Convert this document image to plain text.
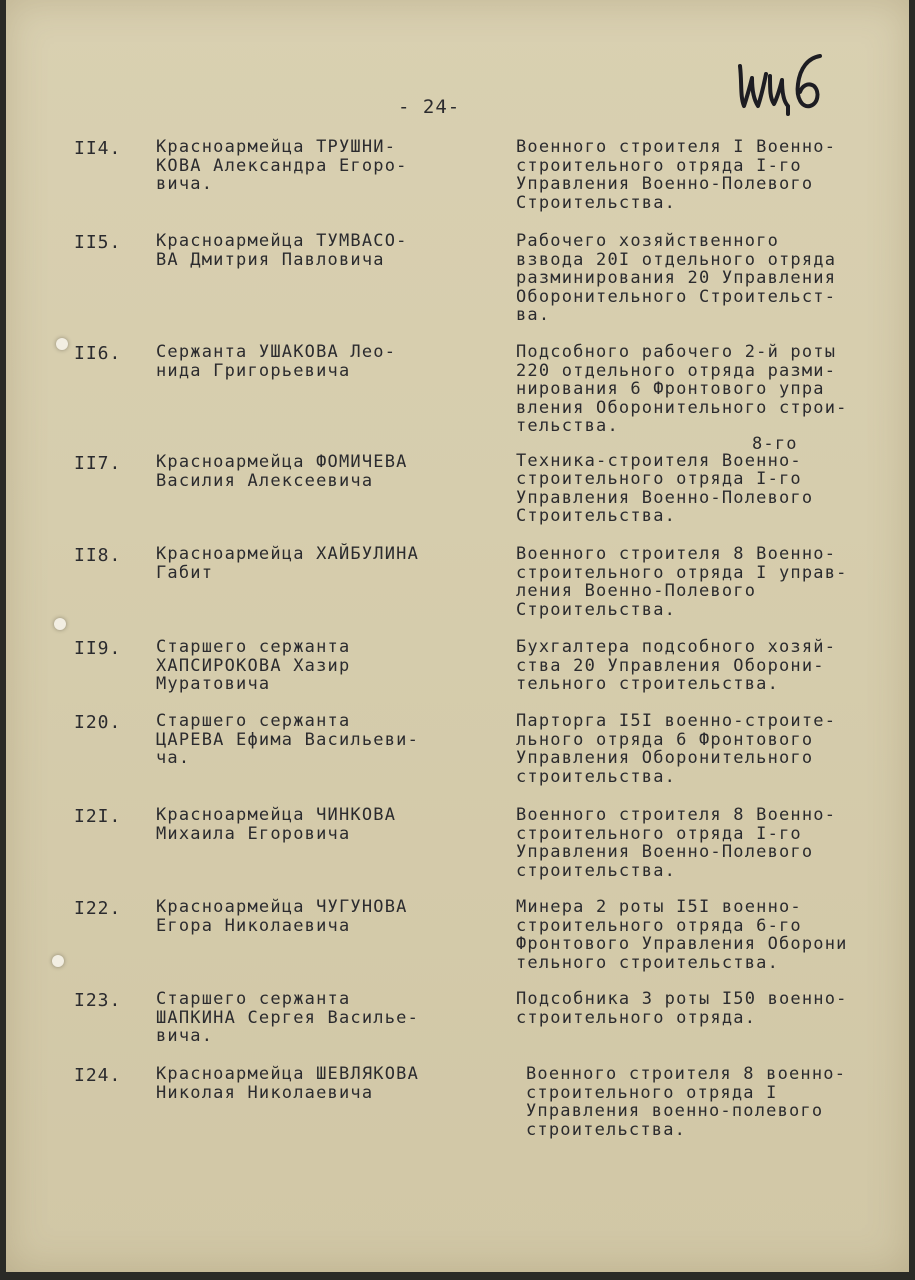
- 24-
II4. Красноармейца ТРУШНИ-
КОВА Александра Егоро-
вича.
Военного строителя I Военно-
строительного отряда I-го
Управления Военно-Полевого
Строительства.
II5. Красноармейца ТУМВАСО-
ВА Дмитрия Павловича
Рабочего хозяйственного
взвода 20I отдельного отряда
разминирования 20 Управления
Оборонительного Строительст-
ва.
II6. Сержанта УШАКОВА Лео-
нида Григорьевича
Подсобного рабочего 2-й роты
220 отдельного отряда разми-
нирования 6 Фронтового упра
вления Оборонительного строи-
тельства.
II7. Красноармейца ФОМИЧЕВА
Василия Алексеевича
8-го
Техника-строителя Военно-
строительного отряда I-го
Управления Военно-Полевого
Строительства.
II8. Красноармейца ХАЙБУЛИНА
Габит
Военного строителя 8 Военно-
строительного отряда I управ-
ления Военно-Полевого
Строительства.
II9. Старшего сержанта
ХАПСИРОКОВА Хазир
Муратовича
Бухгалтера подсобного хозяй-
ства 20 Управления Оборони-
тельного строительства.
I20. Старшего сержанта
ЦАРЕВА Ефима Васильеви-
ча.
Парторга I5I военно-строите-
льного отряда 6 Фронтового
Управления Оборонительного
строительства.
I2I. Красноармейца ЧИНКОВА
Михаила Егоровича
Военного строителя 8 Военно-
строительного отряда I-го
Управления Военно-Полевого
строительства.
I22. Красноармейца ЧУГУНОВА
Егора Николаевича
Минера 2 роты I5I военно-
строительного отряда 6-го
Фронтового Управления Оборони
тельного строительства.
I23. Старшего сержанта
ШАПКИНА Сергея Василье-
вича.
Подсобника 3 роты I50 военно-
строительного отряда.
I24. Красноармейца ШЕВЛЯКОВА
Николая Николаевича
Военного строителя 8 военно-
строительного отряда I
Управления военно-полевого
строительства.
